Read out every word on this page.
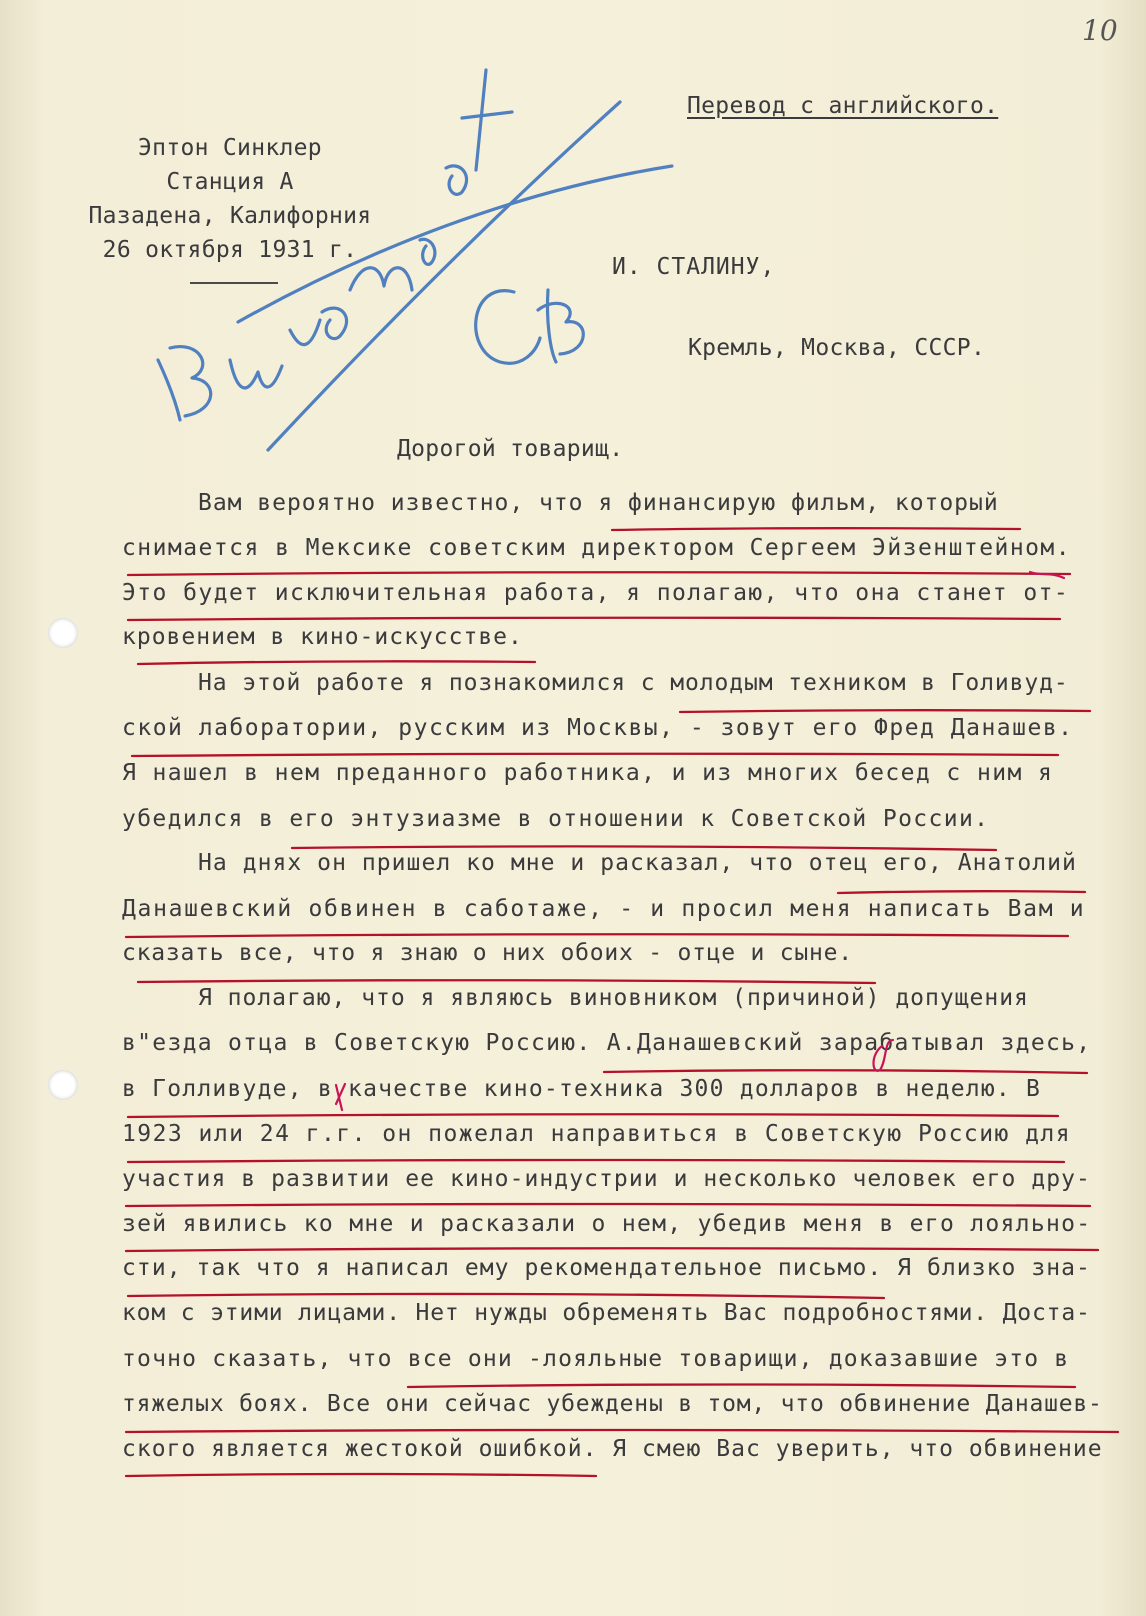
10
Перевод с английского.
Эптон Синклер
Станция А
Пазадена, Калифорния
26 октября 1931 г.
И. СТАЛИНУ,
Кремль, Москва, СССР.
Дорогой товарищ.
Вам вероятно известно, что я финансирую фильм, который
снимается в Мексике советским директором Сергеем Эйзенштейном.
Это будет исключительная работа, я полагаю, что она станет от-
кровением в кино-искусстве.
На этой работе я познакомился с молодым техником в Голивуд-
ской лаборатории, русским из Москвы, - зовут его Фред Данашев.
Я нашел в нем преданного работника, и из многих бесед с ним я
убедился в его энтузиазме в отношении к Советской России.
На днях он пришел ко мне и расказал, что отец его, Анатолий
Данашевский обвинен в саботаже, - и просил меня написать Вам и
сказать все, что я знаю о них обоих - отце и сыне.
Я полагаю, что я являюсь виновником (причиной) допущения
в"езда отца в Советскую Россию. А.Данашевский зарабатывал здесь,
в Голливуде, в качестве кино-техника 300 долларов в неделю. В
1923 или 24 г.г. он пожелал направиться в Советскую Россию для
участия в развитии ее кино-индустрии и несколько человек его дру-
зей явились ко мне и расказали о нем, убедив меня в его лояльно-
сти, так что я написал ему рекомендательное письмо. Я близко зна-
ком с этими лицами. Нет нужды обременять Вас подробностями. Доста-
точно сказать, что все они -лояльные товарищи, доказавшие это в
тяжелых боях. Все они сейчас убеждены в том, что обвинение Данашев-
ского является жестокой ошибкой. Я смею Вас уверить, что обвинение
